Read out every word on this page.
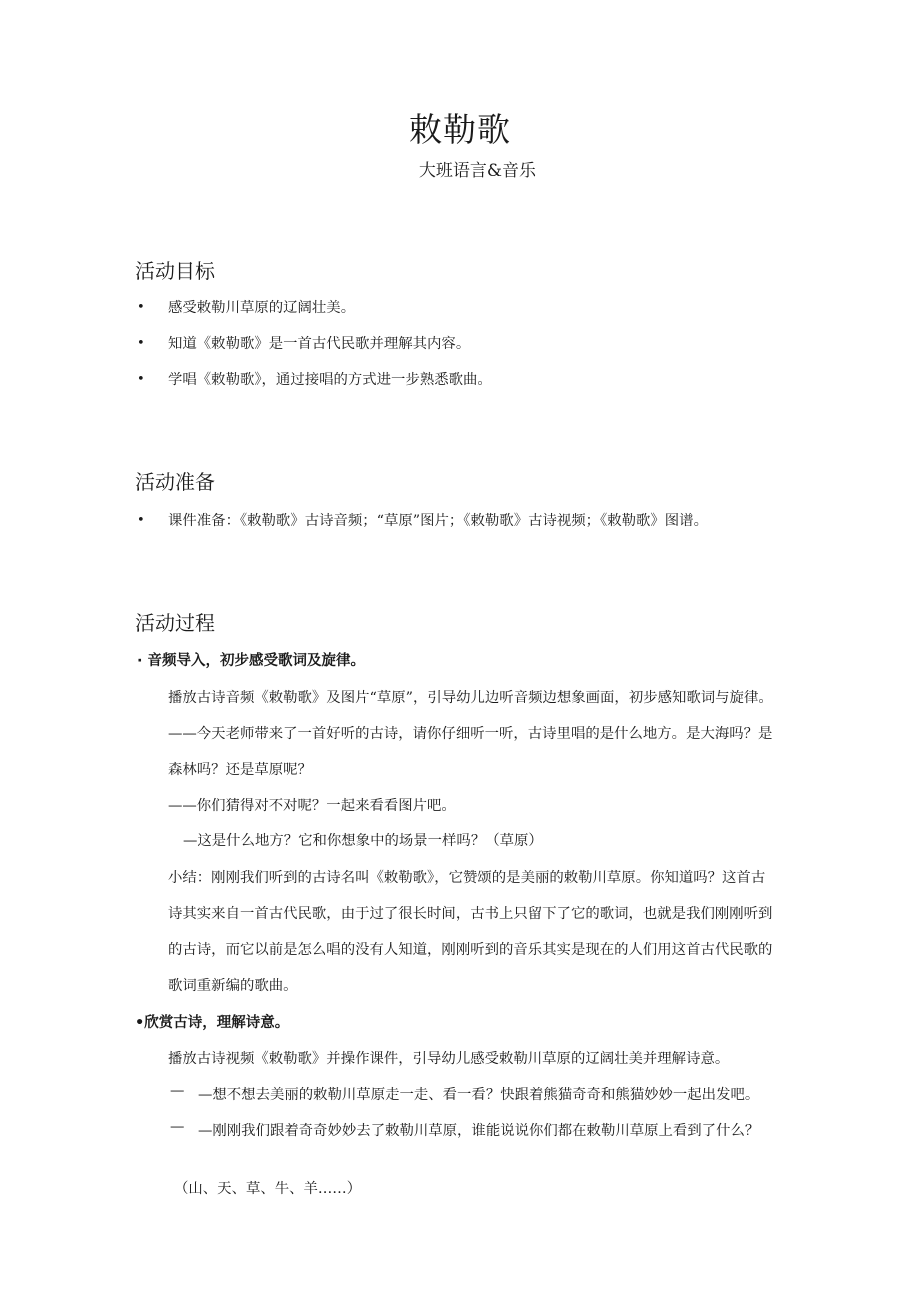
敕勒歌
大班语言&音乐
活动目标
• 感受敕勒川草原的辽阔壮美。
• 知道《敕勒歌》是一首古代民歌并理解其内容。
• 学唱《敕勒歌》，通过接唱的方式进一步熟悉歌曲。
活动准备
• 课件准备：《敕勒歌》古诗音频；“草原”图片；《敕勒歌》古诗视频；《敕勒歌》图谱。
活动过程
· 音频导入，初步感受歌词及旋律。
播放古诗音频《敕勒歌》及图片“草原”，引导幼儿边听音频边想象画面，初步感知歌词与旋律。
——今天老师带来了一首好听的古诗，请你仔细听一听，古诗里唱的是什么地方。是大海吗？是
森林吗？还是草原呢？
——你们猜得对不对呢？一起来看看图片吧。
—这是什么地方？它和你想象中的场景一样吗？（草原）
小结：刚刚我们听到的古诗名叫《敕勒歌》，它赞颂的是美丽的敕勒川草原。你知道吗？这首古
诗其实来自一首古代民歌，由于过了很长时间，古书上只留下了它的歌词，也就是我们刚刚听到
的古诗，而它以前是怎么唱的没有人知道，刚刚听到的音乐其实是现在的人们用这首古代民歌的
歌词重新编的歌曲。
•欣赏古诗，理解诗意。
播放古诗视频《敕勒歌》并操作课件，引导幼儿感受敕勒川草原的辽阔壮美并理解诗意。
— —想不想去美丽的敕勒川草原走一走、看一看？快跟着熊猫奇奇和熊猫妙妙一起出发吧。
— —刚刚我们跟着奇奇妙妙去了敕勒川草原，谁能说说你们都在敕勒川草原上看到了什么？
（山、天、草、牛、羊……）
